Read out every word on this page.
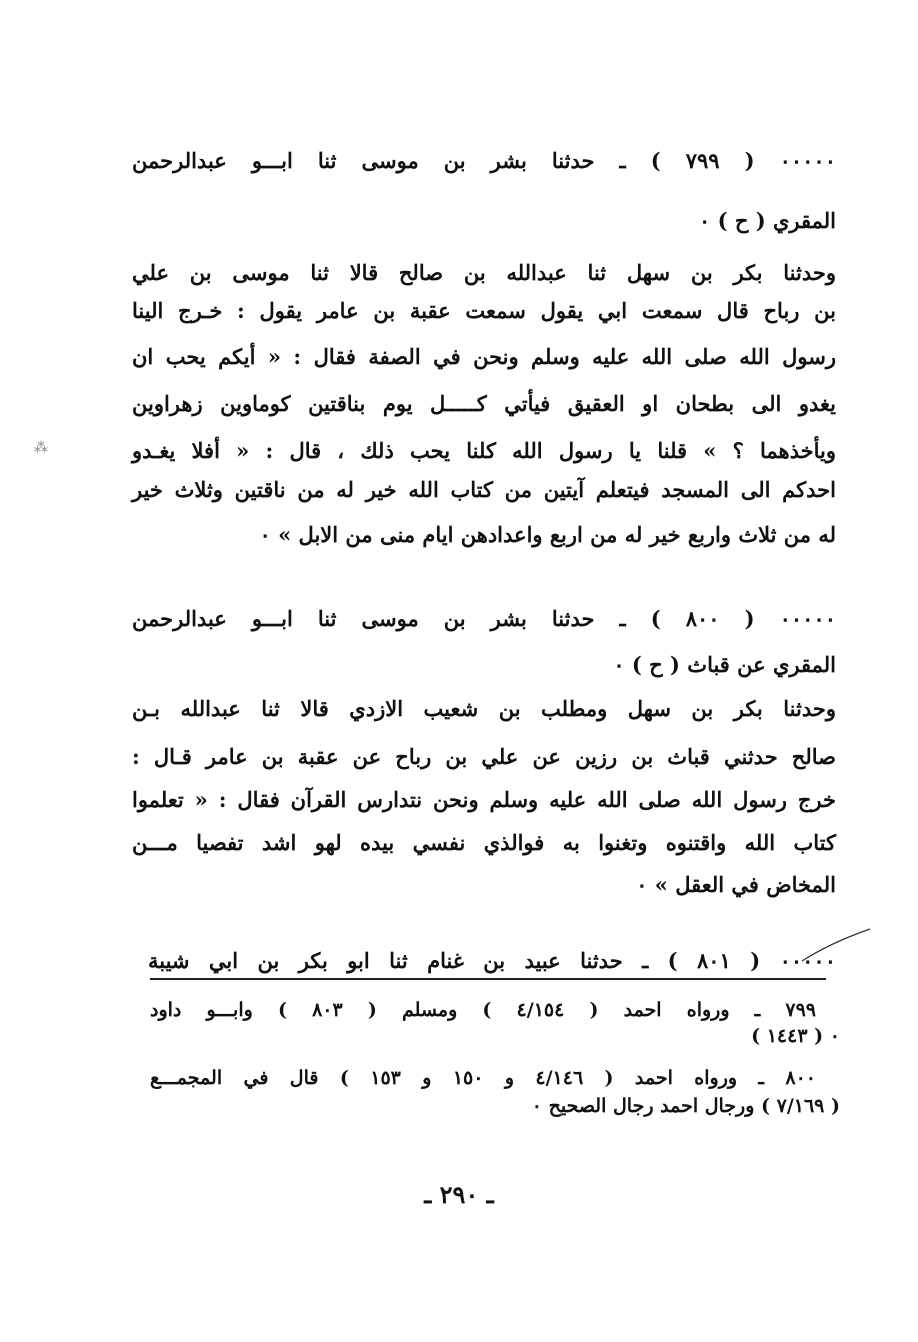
٠٠٠٠٠ ( ٧٩٩ ) ـ حدثنا بشر بن موسى ثنا ابـــو عبدالرحمن
المقري ( ح ) ٠
وحدثنا بكر بن سهل ثنا عبدالله بن صالح قالا ثنا موسى بن علي
بن رباح قال سمعت ابي يقول سمعت عقبة بن عامر يقول : خـرج الينا
رسول الله صلى الله عليه وسلم ونحن في الصفة فقال : « أيكم يحب ان
يغدو الى بطحان او العقيق فيأتي كـــــل يوم بناقتين كوماوين زهراوين
ويأخذهما ؟ » قلنا يا رسول الله كلنا يحب ذلك ، قال : « أفلا يغـدو
احدكم الى المسجد فيتعلم آيتين من كتاب الله خير له من ناقتين وثلاث خير
له من ثلاث واربع خير له من اربع واعدادهن ايام منى من الابل » ٠
٠٠٠٠٠ ( ٨٠٠ ) ـ حدثنا بشر بن موسى ثنا ابـــو عبدالرحمن
المقري عن قباث ( ح ) ٠
وحدثنا بكر بن سهل ومطلب بن شعيب الازدي قالا ثنا عبدالله بـن
صالح حدثني قباث بن رزين عن علي بن رباح عن عقبة بن عامر قـال :
خرج رسول الله صلى الله عليه وسلم ونحن نتدارس القرآن فقال : « تعلموا
كتاب الله واقتنوه وتغنوا به فوالذي نفسي بيده لهو اشد تفصيا مـــن
المخاض في العقل » ٠
٠٠٠٠٠ ( ٨٠١ ) ـ حدثنا عبيد بن غنام ثنا ابو بكر بن ابي شيبة
٧٩٩ ـ ورواه احمد ( ٤/١٥٤ ) ومسلم ( ٨٠٣ ) وابـــو داود
( ١٤٤٣ ) ٠
٨٠٠ ـ ورواه احمد ( ٤/١٤٦ و ١٥٠ و ١٥٣ ) قال في المجمـــع
( ٧/١٦٩ ) ورجال احمد رجال الصحيح ٠
⁂
ـ ٢٩٠ ـ
